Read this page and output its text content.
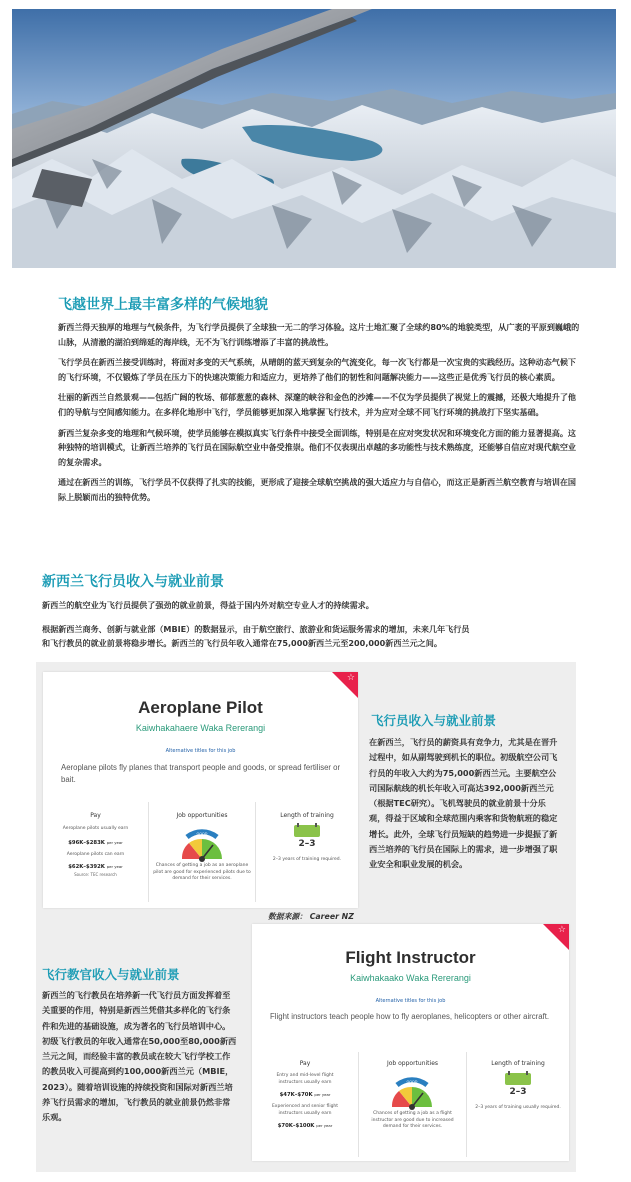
飞越世界上最丰富多样的气候地貌

新西兰得天独厚的地理与气候条件，为飞行学员提供了全球独一无二的学习体验。这片土地汇聚了全球约80%的地貌类型，从广袤的平原到巍峨的山脉，从清澈的湖泊到绵延的海岸线，无不为飞行训练增添了丰富的挑战性。

飞行学员在新西兰接受训练时，将面对多变的天气系统，从晴朗的蓝天到复杂的气流变化，每一次飞行都是一次宝贵的实践经历。这种动态气候下的飞行环境，不仅锻炼了学员在压力下的快速决策能力和适应力，更培养了他们的韧性和问题解决能力——这些正是优秀飞行员的核心素质。

壮丽的新西兰自然景观——包括广阔的牧场、郁郁葱葱的森林、深邃的峡谷和金色的沙滩——不仅为学员提供了视觉上的震撼，还极大地提升了他们的导航与空间感知能力。在多样化地形中飞行，学员能够更加深入地掌握飞行技术，并为应对全球不同飞行环境的挑战打下坚实基础。

新西兰复杂多变的地理和气候环境，使学员能够在模拟真实飞行条件中接受全面训练，特别是在应对突发状况和环境变化方面的能力显著提高。这种独特的培训模式，让新西兰培养的飞行员在国际航空业中备受推崇。他们不仅表现出卓越的多功能性与技术熟练度，还能够自信应对现代航空业的复杂需求。

通过在新西兰的训练，飞行学员不仅获得了扎实的技能，更形成了迎接全球航空挑战的强大适应力与自信心，而这正是新西兰航空教育与培训在国际上脱颖而出的独特优势。

新西兰飞行员收入与就业前景

新西兰的航空业为飞行员提供了强劲的就业前景，得益于国内外对航空专业人才的持续需求。

根据新西兰商务、创新与就业部（MBIE）的数据显示，由于航空旅行、旅游业和货运服务需求的增加，未来几年飞行员

和飞行教员的就业前景将稳步增长。新西兰的飞行员年收入通常在75,000新西兰元至200,000新西兰元之间。

☆
Aeroplane Pilot
Kaiwhakahaere Waka Rererangi
Alternative titles for this job
Aeroplane pilots fly planes that transport people and goods, or spread fertiliser or bait.
Pay
Aeroplane pilots usually earn
$96K–$283K per year
Aeroplane pilots can earn
$62K–$392K per year
Source: TEC research
Job opportunities
GOOD
Chances of getting a job as an aeroplane pilot are good for experienced pilots due to demand for their services.
Length of training
2–3
2–3 years of training required.
飞行员收入与就业前景
在新西兰，飞行员的薪资具有竞争力，尤其是在晋升
过程中，如从副驾驶到机长的职位。初级航空公司飞
行员的年收入大约为75,000新西兰元。主要航空公
司国际航线的机长年收入可高达392,000新西兰元
（根据TEC研究）。飞机驾驶员的就业前景十分乐
观，得益于区域和全球范围内乘客和货物航班的稳定
增长。此外，全球飞行员短缺的趋势进一步提振了新
西兰培养的飞行员在国际上的需求，进一步增强了职
业安全和职业发展的机会。
数据来源： Career NZ
飞行教官收入与就业前景
新西兰的飞行教员在培养新一代飞行员方面发挥着至
关重要的作用，特别是新西兰凭借其多样化的飞行条
件和先进的基础设施，成为著名的飞行员培训中心。
初级飞行教员的年收入通常在50,000至80,000新西
兰元之间，而经验丰富的教员或在较大飞行学校工作
的教员收入可提高到约100,000新西兰元（MBIE，
2023）。随着培训设施的持续投资和国际对新西兰培
养飞行员需求的增加，飞行教员的就业前景仍然非常
乐观。
☆
Flight Instructor
Kaiwhakaako Waka Rererangi
Alternative titles for this job
Flight instructors teach people how to fly aeroplanes, helicopters or other aircraft.
Pay
Entry and mid-level flight instructors usually earn
$47K–$70K per year
Experienced and senior flight instructors usually earn
$70K–$100K per year
Job opportunities
GOOD
Chances of getting a job as a flight instructor are good due to increased demand for their services.
Length of training
2–3
2–3 years of training usually required.
